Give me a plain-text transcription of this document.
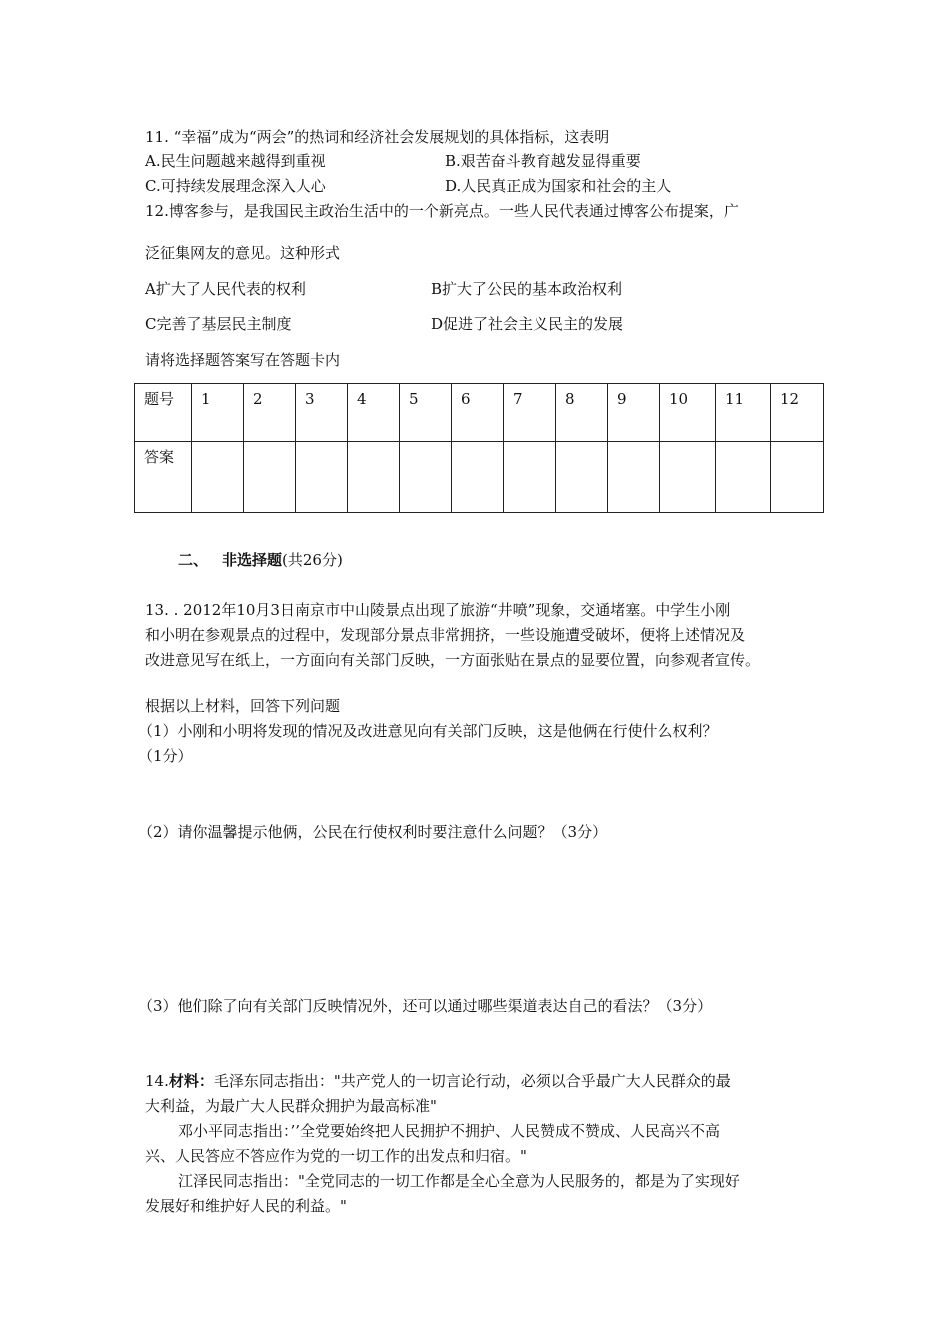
11. “幸福”成为“两会”的热词和经济社会发展规划的具体指标，这表明
A.民生问题越来越得到重视	B.艰苦奋斗教育越发显得重要
C.可持续发展理念深入人心	D.人民真正成为国家和社会的主人
12.博客参与，是我国民主政治生活中的一个新亮点。一些人民代表通过博客公布提案，广
泛征集网友的意见。这种形式
A扩大了人民代表的权利	B扩大了公民的基本政治权利
C完善了基层民主制度	D促进了社会主义民主的发展
请将选择题答案写在答题卡内
题号	1	2	3	4	5	6	7	8	9	10	11	12
答案												
二、 非选择题(共26分)
13. . 2012年10月3日南京市中山陵景点出现了旅游“井喷”现象，交通堵塞。中学生小刚
和小明在参观景点的过程中，发现部分景点非常拥挤，一些设施遭受破坏，便将上述情况及
改进意见写在纸上，一方面向有关部门反映，一方面张贴在景点的显要位置，向参观者宣传。
根据以上材料，回答下列问题
（1）小刚和小明将发现的情况及改进意见向有关部门反映，这是他俩在行使什么权利？
（1分）
（2）请你温馨提示他俩，公民在行使权利时要注意什么问题？（3分）
（3）他们除了向有关部门反映情况外，还可以通过哪些渠道表达自己的看法？（3分）
14.材料：毛泽东同志指出："共产党人的一切言论行动，必须以合乎最广大人民群众的最
大利益，为最广大人民群众拥护为最高标准"
邓小平同志指出：’’全党要始终把人民拥护不拥护、人民赞成不赞成、人民高兴不高
兴、人民答应不答应作为党的一切工作的出发点和归宿。"
江泽民同志指出："全党同志的一切工作都是全心全意为人民服务的，都是为了实现好
发展好和维护好人民的利益。"
